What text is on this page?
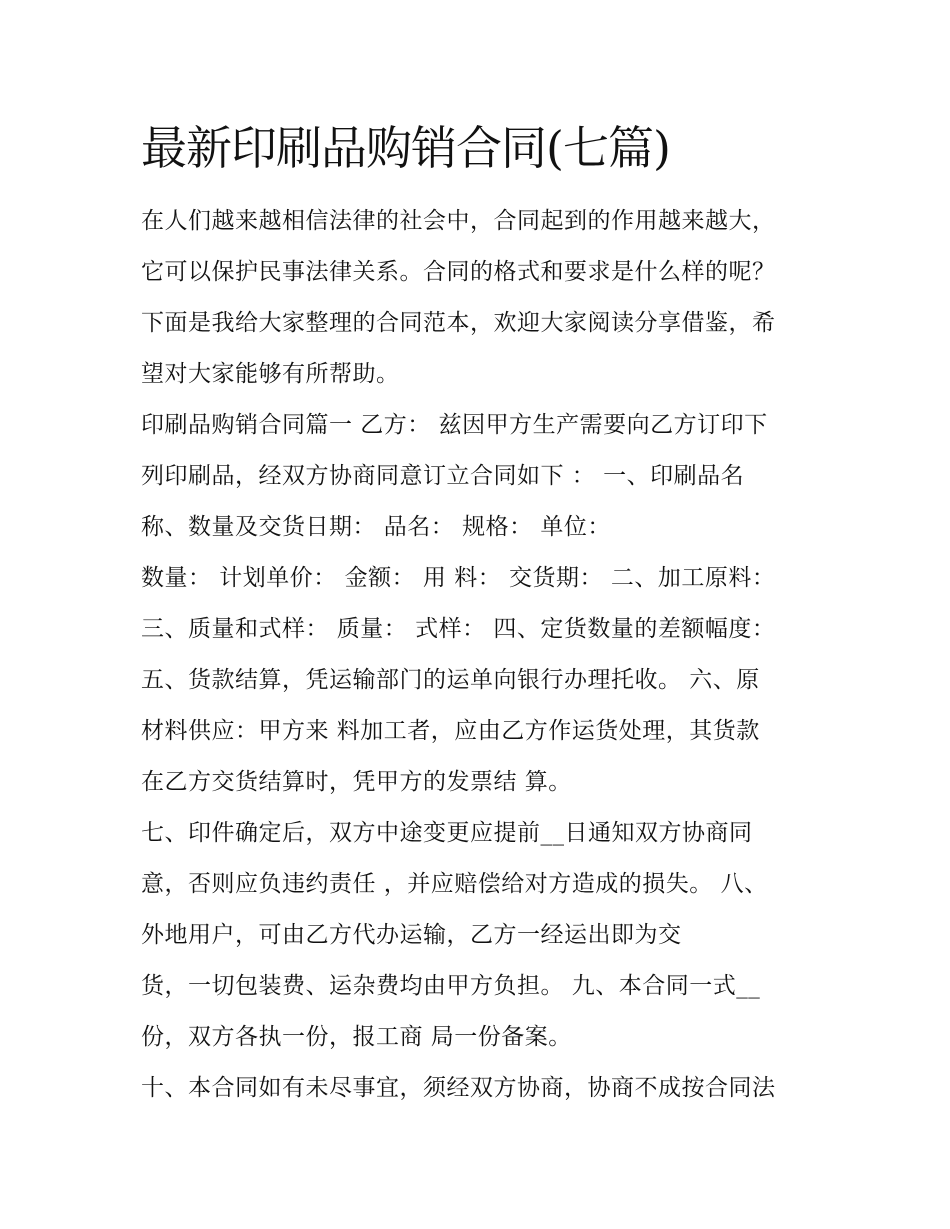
最新印刷品购销合同(七篇)
在人们越来越相信法律的社会中，合同起到的作用越来越大，
它可以保护民事法律关系。合同的格式和要求是什么样的呢？
下面是我给大家整理的合同范本，欢迎大家阅读分享借鉴，希
望对大家能够有所帮助。
印刷品购销合同篇一 乙方： 兹因甲方生产需要向乙方订印下
列印刷品，经双方协商同意订立合同如下 ： 一、印刷品名
称、数量及交货日期： 品名： 规格： 单位：
数量： 计划单价： 金额： 用 料： 交货期： 二、加工原料：
三、质量和式样： 质量： 式样： 四、定货数量的差额幅度：
五、货款结算，凭运输部门的运单向银行办理托收。 六、原
材料供应：甲方来 料加工者，应由乙方作运货处理，其货款
在乙方交货结算时，凭甲方的发票结 算。
七、印件确定后，双方中途变更应提前__日通知双方协商同
意，否则应负违约责任 ，并应赔偿给对方造成的损失。 八、
外地用户，可由乙方代办运输，乙方一经运出即为交
货，一切包装费、运杂费均由甲方负担。 九、本合同一式__
份，双方各执一份，报工商 局一份备案。
十、本合同如有未尽事宜，须经双方协商，协商不成按合同法
